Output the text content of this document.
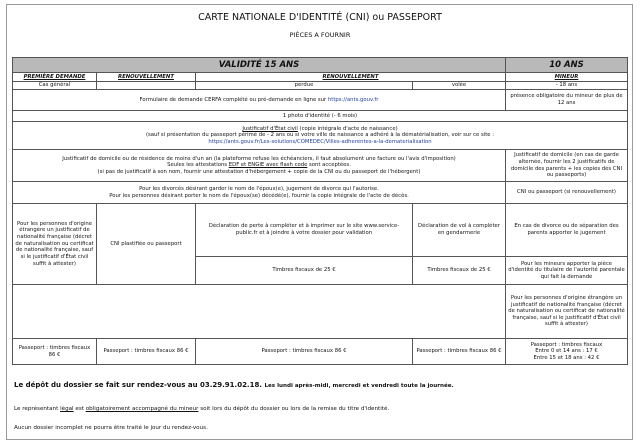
CARTE NATIONALE D'IDENTITÉ (CNI) ou PASSEPORT
PIÈCES A FOURNIR
VALIDITÉ 15 ANS				10 ANS
PREMIÈRE DEMANDE	RENOUVELLEMENT	RENOUVELLEMENT		MINEUR
Cas général		perdue	volée	- 18 ans
Formulaire de demande CERFA complété ou pré-demande en ligne sur https://ants.gouv.fr				présence obligatoire du mineur de plus de 12 ans
1 photo d'identité (- 6 mois)				

Justificatif d'État civil (copie intégrale d'acte de naissance)
(sauf si présentation du passeport périmé de - 2 ans ou si votre ville de naissance a adhéré à la dématérialisation, voir sur ce site :
https://ants.gouv.fr/Les-solutions/COMEDEC/Villes-adherentes-a-la-dematerialisation				

Justificatif de domicile ou de résidence de moins d'un an (la plateforme refuse les échéanciers, il faut absolument une facture ou l'avis d'imposition)
Seules les attestations EDF et ENGIE avec flash code sont acceptées.
(si pas de justificatif à son nom, fournir une attestation d'hébergement + copie de la CNI ou du passeport de l'hébergent)				Justificatif de domicile (en cas de garde alternée, fournir les 2 justificatifs de domicile des parents + les copies des CNI ou passeports)

Pour les divorcés désirant garder le nom de l'époux(e), jugement de divorce qui l'autorise.
Pour les personnes désirant porter le nom de l'époux(se) décédé(e), fournir la copie intégrale de l'acte de décès.				CNI ou passeport (si renouvellement)
Pour les personnes d'origine étrangère un justificatif de nationalité française (décret de naturalisation ou certificat de nationalité française, sauf si le justificatif d'État civil suffit à attester)	CNI plastifiée ou passeport	Déclaration de perte à compléter et à imprimer sur le site www.service-public.fr et à joindre à votre dossier pour validation	Déclaration de vol à compléter en gendarmerie	En cas de divorce ou de séparation des parents apporter le jugement
		Timbres fiscaux de 25 €	Timbres fiscaux de 25 €	Pour les mineurs apporter la pièce d'identité du titulaire de l'autorité parentale qui fait la demande
				Pour les personnes d'origine étrangère un justificatif de nationalité française (décret de naturalisation ou certificat de nationalité française, sauf si le justificatif d'État civil suffit à attester)
Passeport : timbres fiscaux 86 €	Passeport : timbres fiscaux 86 €	Passeport : timbres fiscaux 86 €	Passeport : timbres fiscaux 86 €	Passeport : timbres fiscaux
Entre 0 et 14 ans : 17 €
Entre 15 et 18 ans : 42 €
Le dépôt du dossier se fait sur rendez-vous au 03.29.91.02.18. Les lundi après-midi, mercredi et vendredi toute la journée.
Le représentant légal est obligatoirement accompagné du mineur soit lors du dépôt du dossier ou lors de la remise du titre d'identité.
Aucun dossier incomplet ne pourra être traité le jour du rendez-vous.
